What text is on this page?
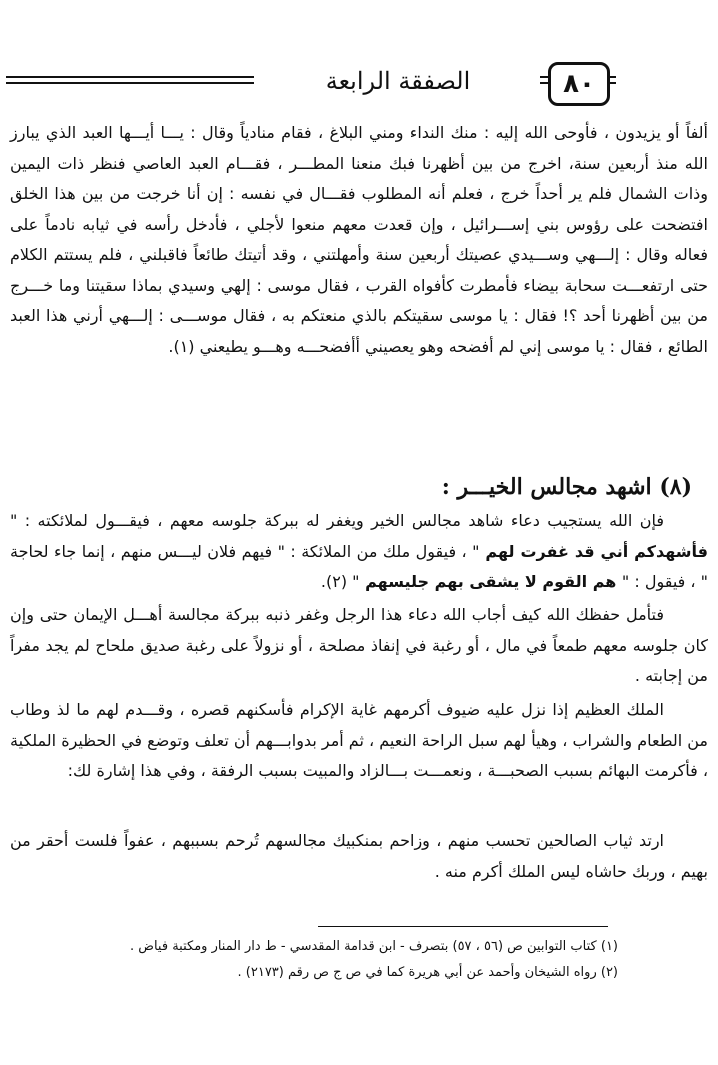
الصفقة الرابعة	٨٠

ألفاً أو يزيدون ، فأوحى الله إليه : منك النداء ومني البلاغ ، فقام منادياً وقال : يـــا أيـــها العبد الذي يبارز الله منذ أربعين سنة، اخرج من بين أظهرنا فبك منعنا المطـــر ، فقـــام العبد العاصي فنظر ذات اليمين وذات الشمال فلم ير أحداً خرج ، فعلم أنه المطلوب فقـــال في نفسه : إن أنا خرجت من بين هذا الخلق افتضحت على رؤوس بني إســـرائيل ، وإن قعدت معهم منعوا لأجلي ، فأدخل رأسه في ثيابه نادماً على فعاله وقال : إلـــهي وســـيدي عصيتك أربعين سنة وأمهلتني ، وقد أتيتك طائعاً فاقبلني ، فلم يستتم الكلام حتى ارتفعـــت سحابة بيضاء فأمطرت كأفواه القرب ، فقال موسى : إلهي وسيدي بماذا سقيتنا وما خـــرج من بين أظهرنا أحد ؟! فقال : يا موسى سقيتكم بالذي منعتكم به ، فقال موســـى : إلـــهي أرني هذا العبد الطائع ، فقال : يا موسى إني لم أفضحه وهو يعصيني أأفضحـــه وهـــو يطيعني (١).

(٨) اشهد مجالس الخيـــر :

فإن الله يستجيب دعاء شاهد مجالس الخير ويغفر له ببركة جلوسه معهم ، فيقـــول لملائكته : " فأشهدكم أني قد غفرت لهم " ، فيقول ملك من الملائكة : " فيهم فلان ليـــس منهم ، إنما جاء لحاجة " ، فيقول : " هم القوم لا يشقى بهم جليسهم " (٢).

فتأمل حفظك الله كيف أجاب الله دعاء هذا الرجل وغفر ذنبه ببركة مجالسة أهـــل الإيمان حتى وإن كان جلوسه معهم طمعاً في مال ، أو رغبة في إنفاذ مصلحة ، أو نزولاً على رغبة صديق ملحاح لم يجد مفراً من إجابته .

الملك العظيم إذا نزل عليه ضيوف أكرمهم غاية الإكرام فأسكنهم قصره ، وقـــدم لهم ما لذ وطاب من الطعام والشراب ، وهيأ لهم سبل الراحة النعيم ، ثم أمر بدوابـــهم أن تعلف وتوضع في الحظيرة الملكية ، فأكرمت البهائم بسبب الصحبـــة ، ونعمـــت بـــالزاد والمبيت بسبب الرفقة ، وفي هذا إشارة لك:

ارتد ثياب الصالحين تحسب منهم ، وزاحم بمنكبيك مجالسهم تُرحم بسببهم ، عفواً فلست أحقر من بهيم ، وربك حاشاه ليس الملك أكرم منه .

(١) كتاب التوابين ص (٥٦ ، ٥٧) بتصرف - ابن قدامة المقدسي - ط دار المنار ومكتبة فياض .

(٢) رواه الشيخان وأحمد عن أبي هريرة كما في ص ج ص رقم (٢١٧٣) .
